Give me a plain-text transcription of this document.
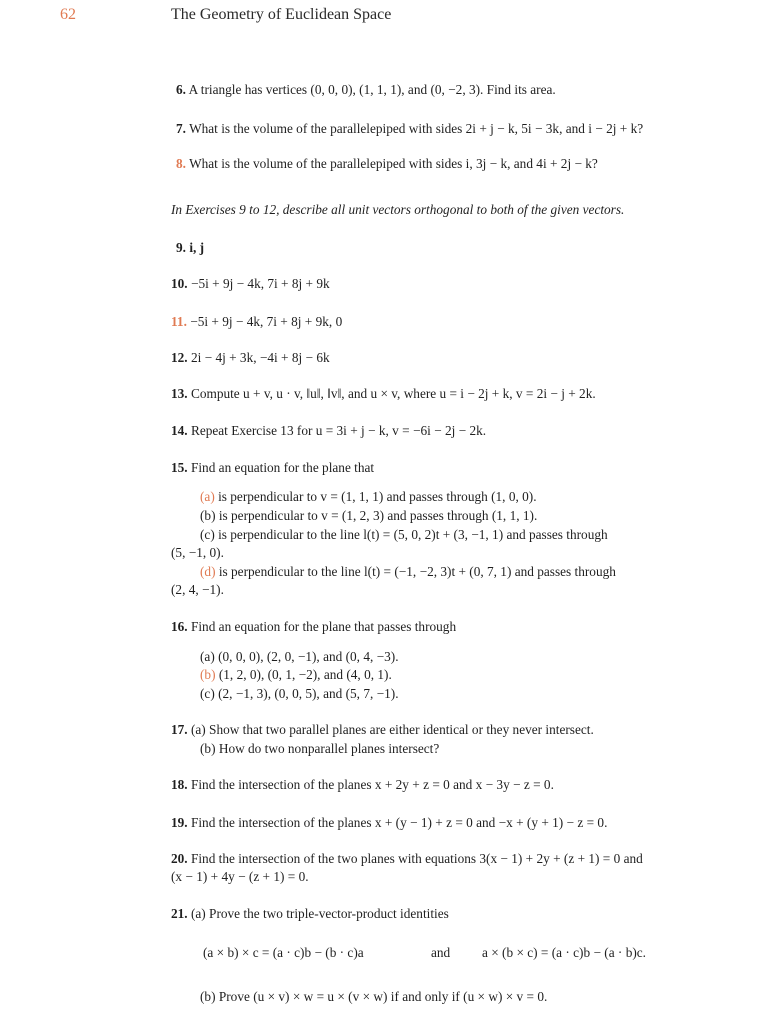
62	The Geometry of Euclidean Space
6. A triangle has vertices (0, 0, 0), (1, 1, 1), and (0, −2, 3). Find its area.
7. What is the volume of the parallelepiped with sides 2i + j − k, 5i − 3k, and i − 2j + k?
8. What is the volume of the parallelepiped with sides i, 3j − k, and 4i + 2j − k?
In Exercises 9 to 12, describe all unit vectors orthogonal to both of the given vectors.
9. i, j
10. −5i + 9j − 4k, 7i + 8j + 9k
11. −5i + 9j − 4k, 7i + 8j + 9k, 0
12. 2i − 4j + 3k, −4i + 8j − 6k
13. Compute u + v, u · v, ‖u‖, ‖v‖, and u × v, where u = i − 2j + k, v = 2i − j + 2k.
14. Repeat Exercise 13 for u = 3i + j − k, v = −6i − 2j − 2k.
15. Find an equation for the plane that
(a) is perpendicular to v = (1, 1, 1) and passes through (1, 0, 0).
(b) is perpendicular to v = (1, 2, 3) and passes through (1, 1, 1).
(c) is perpendicular to the line l(t) = (5, 0, 2)t + (3, −1, 1) and passes through
(5, −1, 0).
(d) is perpendicular to the line l(t) = (−1, −2, 3)t + (0, 7, 1) and passes through
(2, 4, −1).
16. Find an equation for the plane that passes through
(a) (0, 0, 0), (2, 0, −1), and (0, 4, −3).
(b) (1, 2, 0), (0, 1, −2), and (4, 0, 1).
(c) (2, −1, 3), (0, 0, 5), and (5, 7, −1).
17. (a) Show that two parallel planes are either identical or they never intersect.
(b) How do two nonparallel planes intersect?
18. Find the intersection of the planes x + 2y + z = 0 and x − 3y − z = 0.
19. Find the intersection of the planes x + (y − 1) + z = 0 and −x + (y + 1) − z = 0.
20. Find the intersection of the two planes with equations 3(x − 1) + 2y + (z + 1) = 0 and
(x − 1) + 4y − (z + 1) = 0.
21. (a) Prove the two triple-vector-product identities
(a × b) × c = (a · c)b − (b · c)a	and a × (b × c) = (a · c)b − (a · b)c.
(b) Prove (u × v) × w = u × (v × w) if and only if (u × w) × v = 0.
